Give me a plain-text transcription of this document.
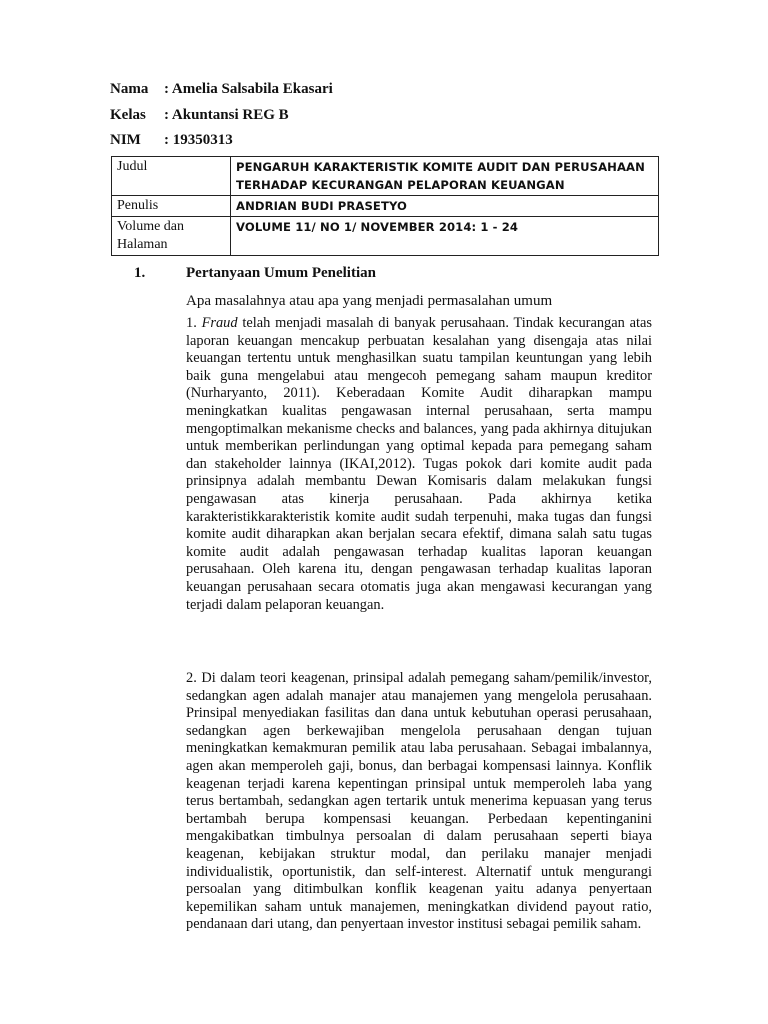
Nama : Amelia Salsabila Ekasari
Kelas : Akuntansi REG B
NIM : 19350313
Judul	PENGARUH KARAKTERISTIK KOMITE AUDIT DAN PERUSAHAAN TERHADAP KECURANGAN PELAPORAN KEUANGAN
Penulis	ANDRIAN BUDI PRASETYO
Volume dan Halaman	VOLUME 11/ NO 1/ NOVEMBER 2014: 1 - 24
1.	Pertanyaan Umum Penelitian
Apa masalahnya atau apa yang menjadi permasalahan umum
1. Fraud telah menjadi masalah di banyak perusahaan. Tindak kecurangan atas laporan keuangan mencakup perbuatan kesalahan yang disengaja atas nilai keuangan tertentu untuk menghasilkan suatu tampilan keuntungan yang lebih baik guna mengelabui atau mengecoh pemegang saham maupun kreditor (Nurharyanto, 2011). Keberadaan Komite Audit diharapkan mampu meningkatkan kualitas pengawasan internal perusahaan, serta mampu mengoptimalkan mekanisme checks and balances, yang pada akhirnya ditujukan untuk memberikan perlindungan yang optimal kepada para pemegang saham dan stakeholder lainnya (IKAI,2012). Tugas pokok dari komite audit pada prinsipnya adalah membantu Dewan Komisaris dalam melakukan fungsi pengawasan atas kinerja perusahaan. Pada akhirnya ketika karakteristikkarakteristik komite audit sudah terpenuhi, maka tugas dan fungsi komite audit diharapkan akan berjalan secara efektif, dimana salah satu tugas komite audit adalah pengawasan terhadap kualitas laporan keuangan perusahaan. Oleh karena itu, dengan pengawasan terhadap kualitas laporan keuangan perusahaan secara otomatis juga akan mengawasi kecurangan yang terjadi dalam pelaporan keuangan.
2. Di dalam teori keagenan, prinsipal adalah pemegang saham/pemilik/investor, sedangkan agen adalah manajer atau manajemen yang mengelola perusahaan. Prinsipal menyediakan fasilitas dan dana untuk kebutuhan operasi perusahaan, sedangkan agen berkewajiban mengelola perusahaan dengan tujuan meningkatkan kemakmuran pemilik atau laba perusahaan. Sebagai imbalannya, agen akan memperoleh gaji, bonus, dan berbagai kompensasi lainnya. Konflik keagenan terjadi karena kepentingan prinsipal untuk memperoleh laba yang terus bertambah, sedangkan agen tertarik untuk menerima kepuasan yang terus bertambah berupa kompensasi keuangan. Perbedaan kepentinganini mengakibatkan timbulnya persoalan di dalam perusahaan seperti biaya keagenan, kebijakan struktur modal, dan perilaku manajer menjadi individualistik, oportunistik, dan self-interest. Alternatif untuk mengurangi persoalan yang ditimbulkan konflik keagenan yaitu adanya penyertaan kepemilikan saham untuk manajemen, meningkatkan dividend payout ratio, pendanaan dari utang, dan penyertaan investor institusi sebagai pemilik saham.
